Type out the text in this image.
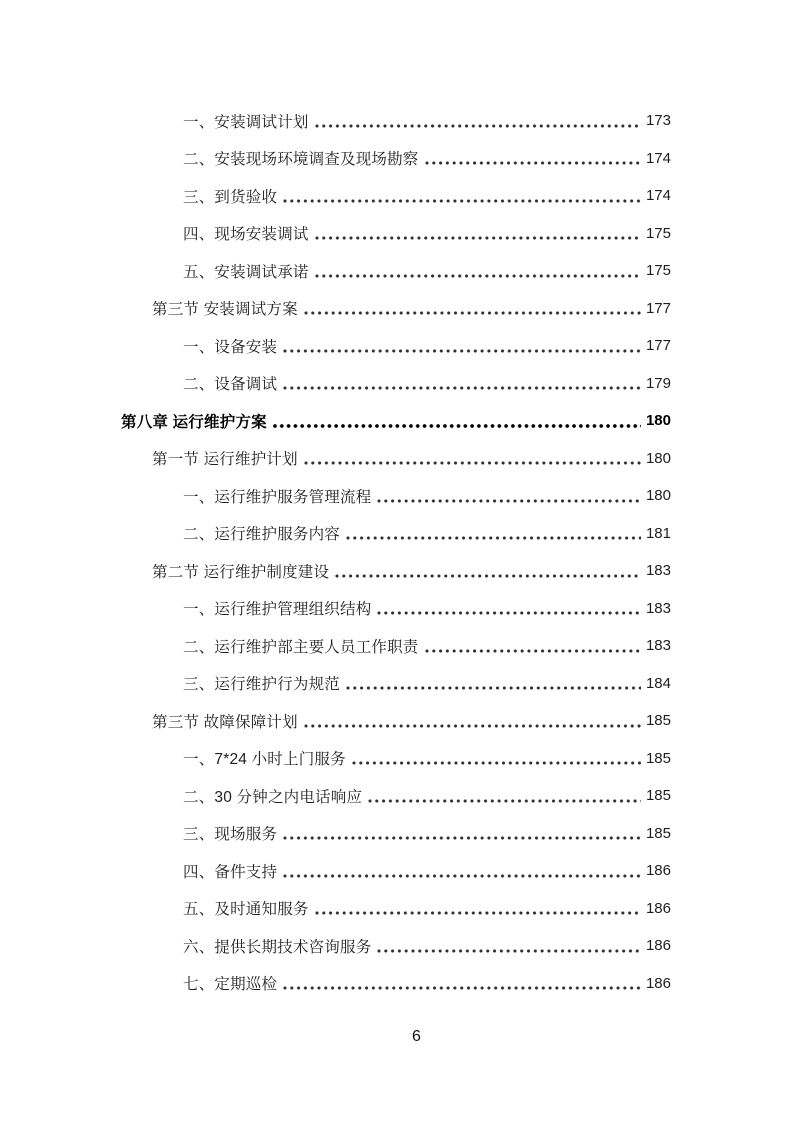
一、安装调试计划	173
二、安装现场环境调查及现场勘察	174
三、到货验收	174
四、现场安装调试	175
五、安装调试承诺	175
第三节 安装调试方案	177
一、设备安装	177
二、设备调试	179
第八章 运行维护方案	180
第一节 运行维护计划	180
一、运行维护服务管理流程	180
二、运行维护服务内容	181
第二节 运行维护制度建设	183
一、运行维护管理组织结构	183
二、运行维护部主要人员工作职责	183
三、运行维护行为规范	184
第三节 故障保障计划	185
一、7*24 小时上门服务	185
二、30 分钟之内电话响应	185
三、现场服务	185
四、备件支持	186
五、及时通知服务	186
六、提供长期技术咨询服务	186
七、定期巡检	186
6
